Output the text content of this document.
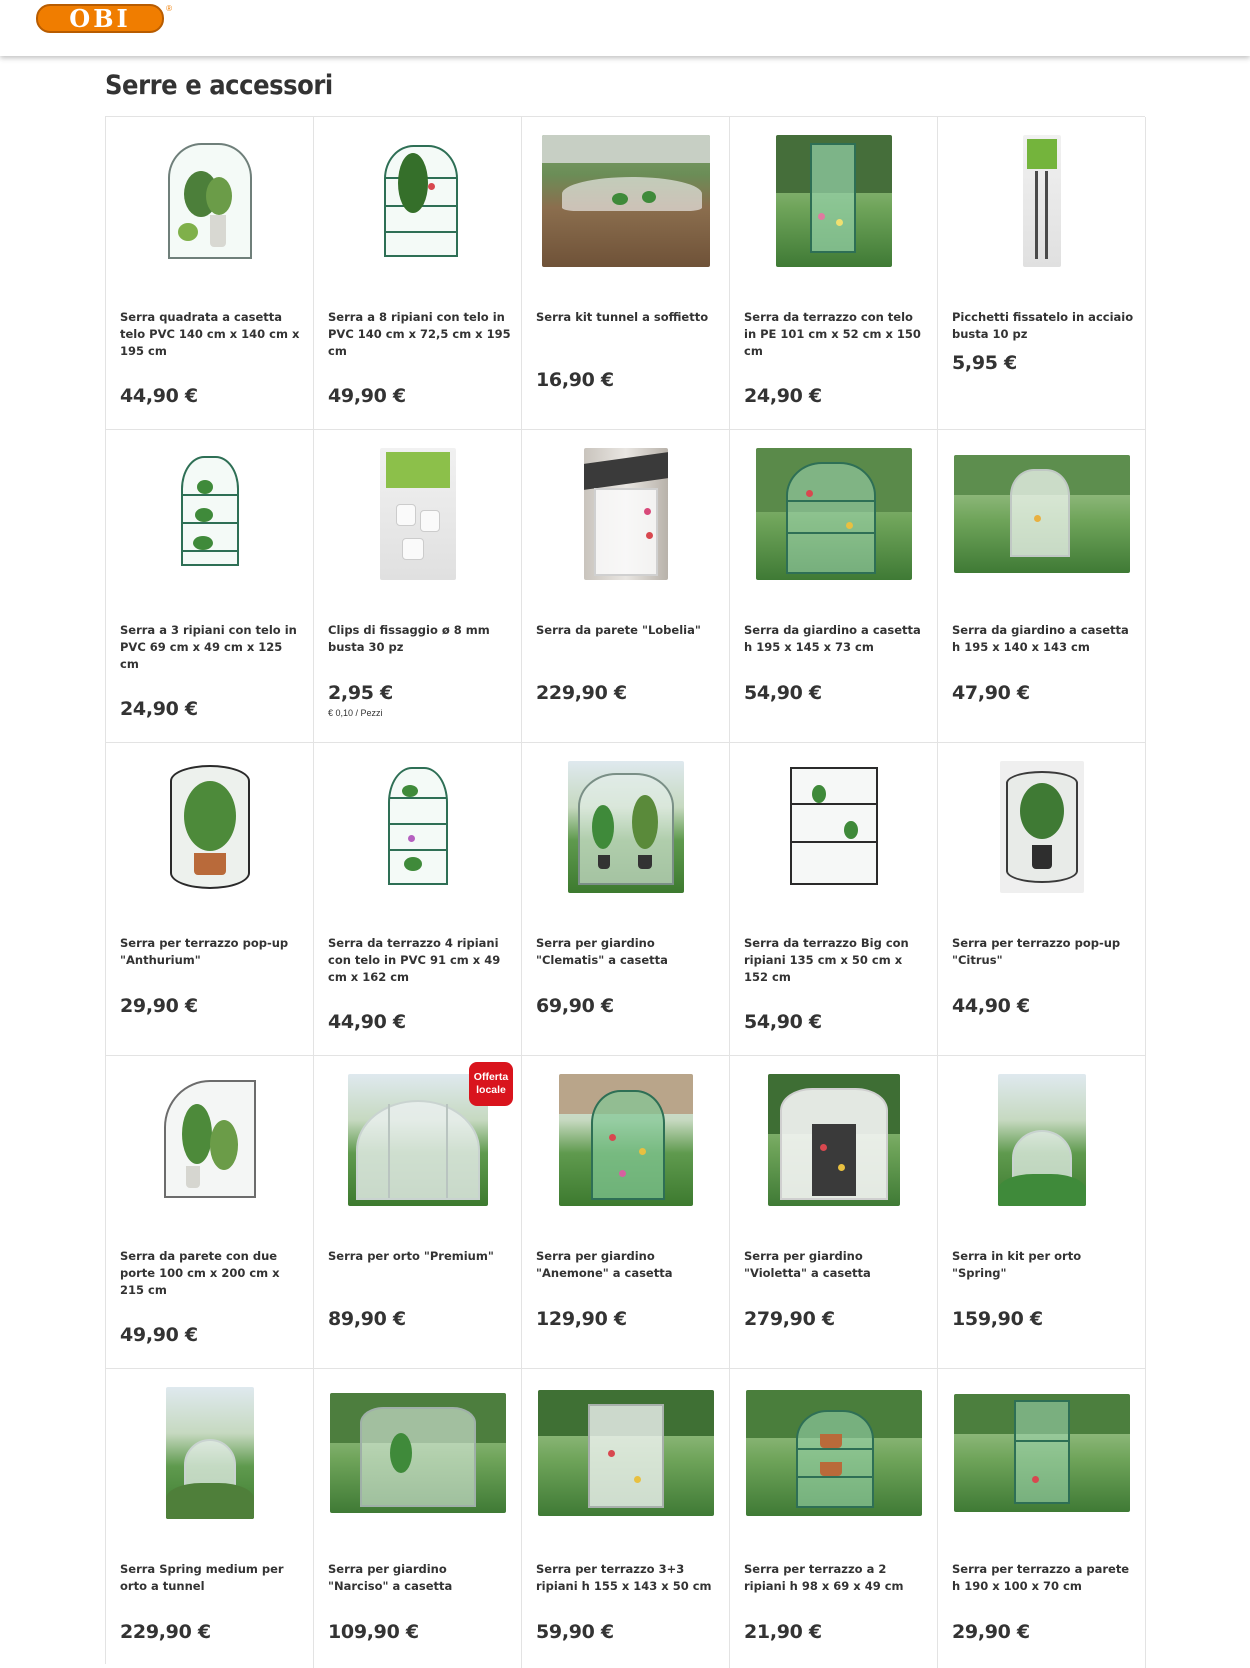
OBI	®
Serre e accessori
Serra quadrata a casetta telo PVC 140 cm x 140 cm x 195 cm
44,90 €
Serra a 8 ripiani con telo in PVC 140 cm x 72,5 cm x 195 cm
49,90 €
Serra kit tunnel a soffietto
16,90 €
Serra da terrazzo con telo in PE 101 cm x 52 cm x 150 cm
24,90 €
Picchetti fissatelo in acciaio busta 10 pz
5,95 €
Serra a 3 ripiani con telo in PVC 69 cm x 49 cm x 125 cm
24,90 €
Clips di fissaggio ø 8 mm busta 30 pz
2,95 €
€ 0,10 / Pezzi
Serra da parete "Lobelia"
229,90 €
Serra da giardino a casetta h 195 x 145 x 73 cm
54,90 €
Serra da giardino a casetta h 195 x 140 x 143 cm
47,90 €
Serra per terrazzo pop-up "Anthurium"
29,90 €
Serra da terrazzo 4 ripiani con telo in PVC 91 cm x 49 cm x 162 cm
44,90 €
Serra per giardino "Clematis" a casetta
69,90 €
Serra da terrazzo Big con ripiani 135 cm x 50 cm x 152 cm
54,90 €
Serra per terrazzo pop-up "Citrus"
44,90 €
Serra da parete con due porte 100 cm x 200 cm x 215 cm
49,90 €
Offerta locale
Serra per orto "Premium"
89,90 €
Serra per giardino "Anemone" a casetta
129,90 €
Serra per giardino "Violetta" a casetta
279,90 €
Serra in kit per orto "Spring"
159,90 €
Serra Spring medium per orto a tunnel
229,90 €
Serra per giardino "Narciso" a casetta
109,90 €
Serra per terrazzo 3+3 ripiani h 155 x 143 x 50 cm
59,90 €
Serra per terrazzo a 2 ripiani h 98 x 69 x 49 cm
21,90 €
Serra per terrazzo a parete h 190 x 100 x 70 cm
29,90 €
